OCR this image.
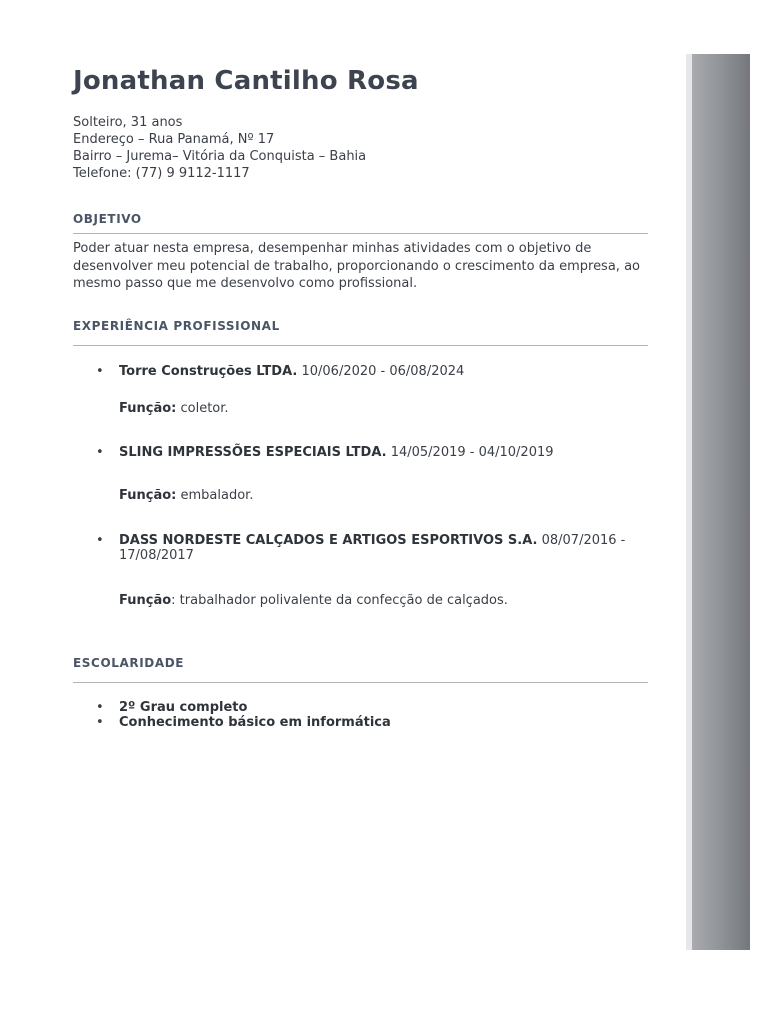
Jonathan Cantilho Rosa
Solteiro, 31 anos
Endereço – Rua Panamá, Nº 17
Bairro – Jurema– Vitória da Conquista – Bahia
Telefone: (77) 9 9112-1117
OBJETIVO

Poder atuar nesta empresa, desempenhar minhas atividades com o objetivo de desenvolver meu potencial de trabalho, proporcionando o crescimento da empresa, ao mesmo passo que me desenvolvo como profissional.

EXPERIÊNCIA PROFISSIONAL
• Torre Construções LTDA. 10/06/2020 - 06/08/2024
Função: coletor.
• SLING IMPRESSÕES ESPECIAIS LTDA. 14/05/2019 - 04/10/2019
Função: embalador.
• DASS NORDESTE CALÇADOS E ARTIGOS ESPORTIVOS S.A. 08/07/2016 - 17/08/2017
Função: trabalhador polivalente da confecção de calçados.
ESCOLARIDADE
• 2º Grau completo
• Conhecimento básico em informática
